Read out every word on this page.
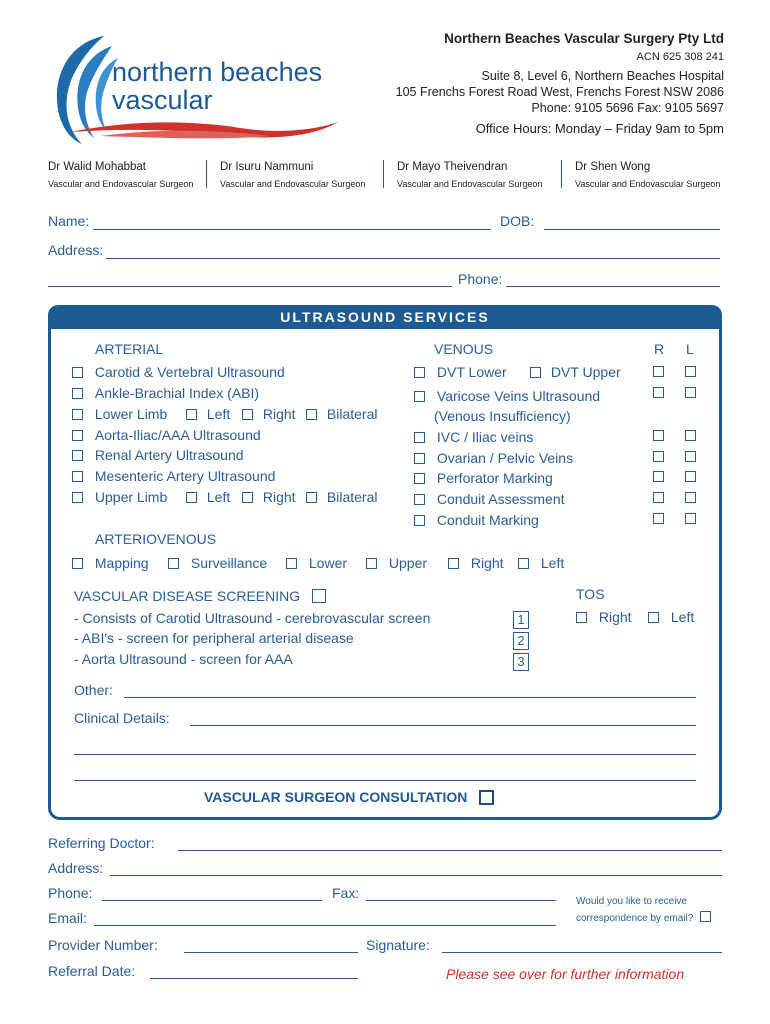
northern beaches
vascular
Northern Beaches Vascular Surgery Pty Ltd
ACN 625 308 241
Suite 8, Level 6, Northern Beaches Hospital
105 Frenchs Forest Road West, Frenchs Forest NSW 2086
Phone: 9105 5696 Fax: 9105 5697
Office Hours: Monday – Friday 9am to 5pm
Dr Walid Mohabbat
Vascular and Endovascular Surgeon
Dr Isuru Nammuni
Vascular and Endovascular Surgeon
Dr Mayo Theivendran
Vascular and Endovascular Surgeon
Dr Shen Wong
Vascular and Endovascular Surgeon
Name:	DOB:
Address:
Phone:
ULTRASOUND SERVICES
ARTERIAL
Carotid & Vertebral Ultrasound
Ankle-Brachial Index (ABI)
Lower Limb	Left	Right	Bilateral
Aorta-Iliac/AAA Ultrasound
Renal Artery Ultrasound
Mesenteric Artery Ultrasound
Upper Limb	Left	Right	Bilateral
VENOUS	R L
DVT Lower	DVT Upper
Varicose Veins Ultrasound
(Venous Insufficiency)
IVC / Iliac veins
Ovarian / Pelvic Veins
Perforator Marking
Conduit Assessment
Conduit Marking
ARTERIOVENOUS
Mapping	Surveillance	Lower	Upper	Right	Left
VASCULAR DISEASE SCREENING
- Consists of Carotid Ultrasound - cerebrovascular screen
- ABI's - screen for peripheral arterial disease
- Aorta Ultrasound - screen for AAA
1
2
3
TOS
Right	Left
Other:
Clinical Details:
VASCULAR SURGEON CONSULTATION
Referring Doctor:
Address:
Phone:	Fax:
Email:
Would you like to receive
correspondence by email?
Provider Number:	Signature:
Referral Date:	Please see over for further information
